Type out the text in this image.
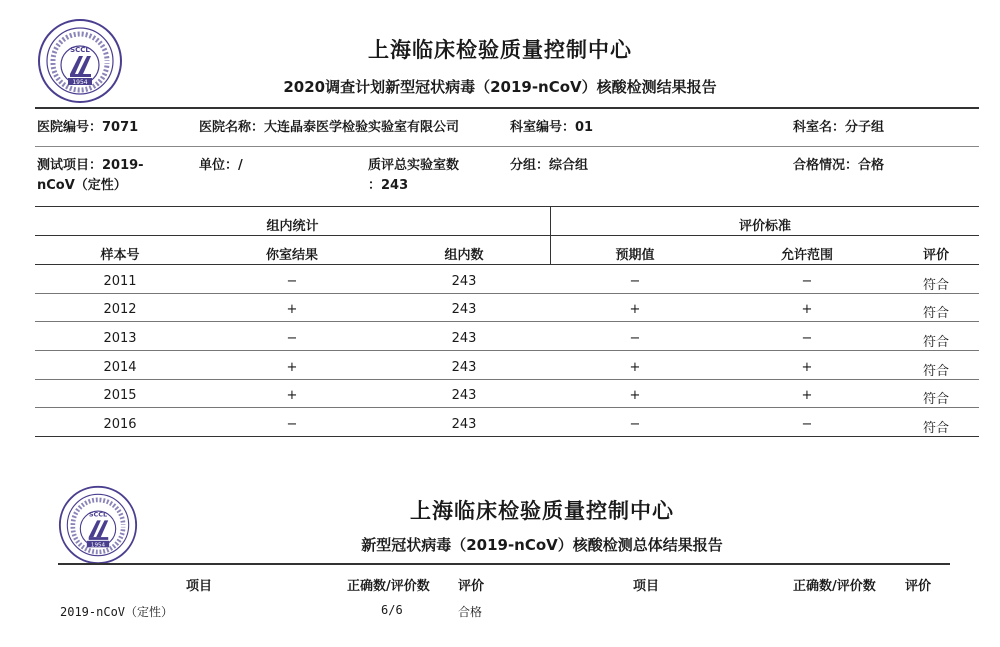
SCCL
1954
上海临床检验质量控制中心
2020调查计划新型冠状病毒（2019-nCoV）核酸检测结果报告
医院编号：7071	医院名称：大连晶泰医学检验实验室有限公司	科室编号：01	科室名：分子组
测试项目：2019-
nCoV（定性）
单位：/	质评总实验室数
：243
分组：综合组	合格情况：合格
组内统计	评价标准
样本号	你室结果	组内数	预期值	允许范围	评价
2011	−	243	−	−	符合
2012	+	243	+	+	符合
2013	−	243	−	−	符合
2014	+	243	+	+	符合
2015	+	243	+	+	符合
2016	−	243	−	−	符合
SCCL
1954
上海临床检验质量控制中心
新型冠状病毒（2019-nCoV）核酸检测总体结果报告
项目	正确数/评价数 评价	项目	正确数/评价数 评价
2019-nCoV（定性）	6/6	合格
